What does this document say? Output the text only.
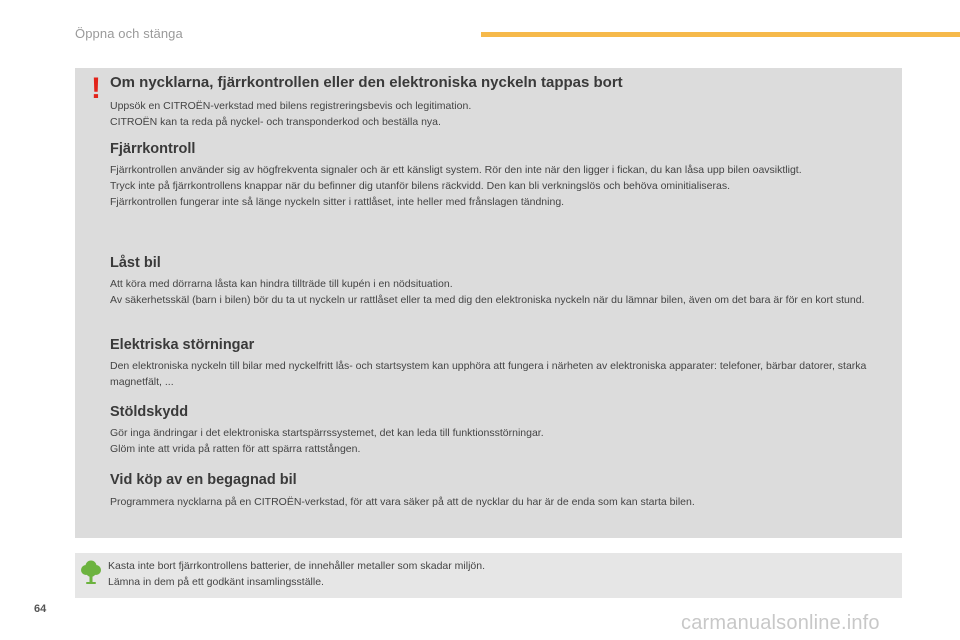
Öppna och stänga
! Om nycklarna, fjärrkontrollen eller den elektroniska nyckeln tappas bort

Uppsök en CITROËN-verkstad med bilens registreringsbevis och legitimation.

CITROËN kan ta reda på nyckel- och transponderkod och beställa nya.

Fjärrkontroll

Fjärrkontrollen använder sig av högfrekventa signaler och är ett känsligt system. Rör den inte när den ligger i fickan, du kan låsa upp bilen oavsiktligt.

Tryck inte på fjärrkontrollens knappar när du befinner dig utanför bilens räckvidd. Den kan bli verkningslös och behöva ominitialiseras.

Fjärrkontrollen fungerar inte så länge nyckeln sitter i rattlåset, inte heller med frånslagen tändning.

Låst bil

Att köra med dörrarna låsta kan hindra tillträde till kupén i en nödsituation.

Av säkerhetsskäl (barn i bilen) bör du ta ut nyckeln ur rattlåset eller ta med dig den elektroniska nyckeln när du lämnar bilen, även om det bara är för en kort stund.

Elektriska störningar

Den elektroniska nyckeln till bilar med nyckelfritt lås- och startsystem kan upphöra att fungera i närheten av elektroniska apparater: telefoner, bärbar datorer, starka magnetfält, ...

Stöldskydd

Gör inga ändringar i det elektroniska startspärrssystemet, det kan leda till funktionsstörningar.

Glöm inte att vrida på ratten för att spärra rattstången.

Vid köp av en begagnad bil

Programmera nycklarna på en CITROËN-verkstad, för att vara säker på att de nycklar du har är de enda som kan starta bilen.

Kasta inte bort fjärrkontrollens batterier, de innehåller metaller som skadar miljön.

Lämna in dem på ett godkänt insamlingsställe.

64
carmanualsonline.info
